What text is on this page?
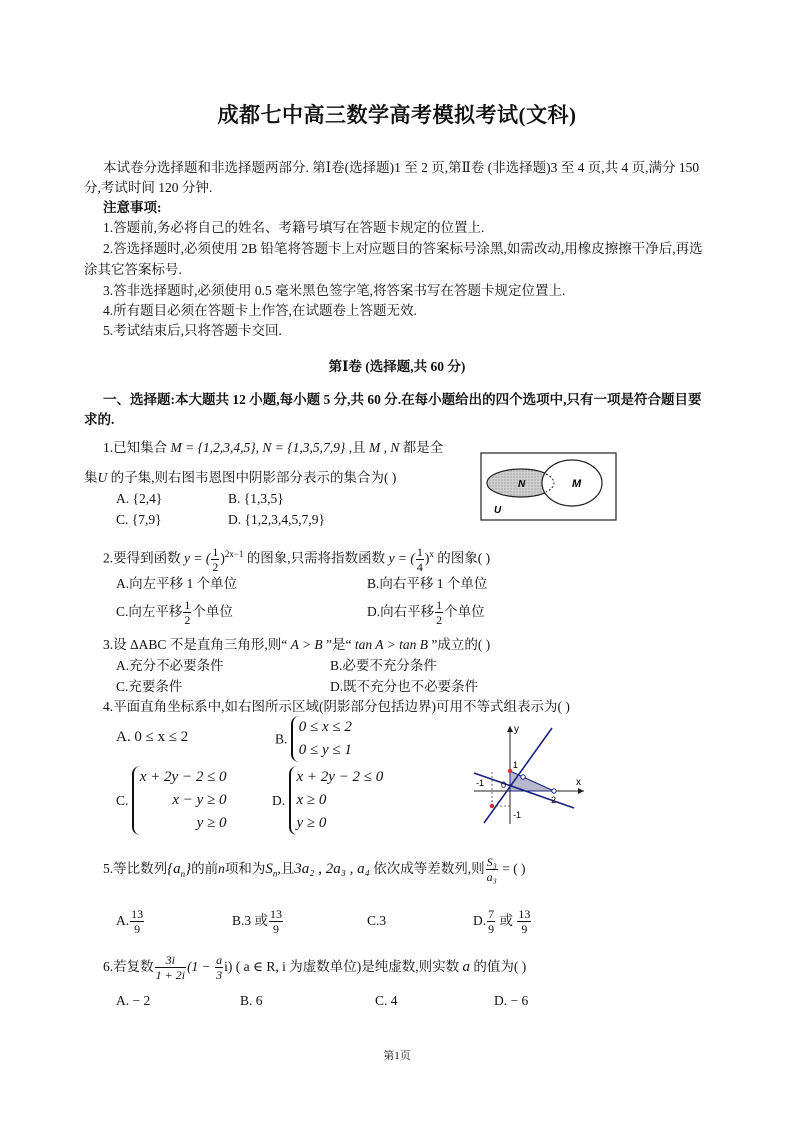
成都七中高三数学高考模拟考试(文科)
本试卷分选择题和非选择题两部分. 第Ⅰ卷(选择题)1 至 2 页,第Ⅱ卷 (非选择题)3 至 4 页,共 4 页,满分 150
分,考试时间 120 分钟.
注意事项:
1.答题前,务必将自己的姓名、考籍号填写在答题卡规定的位置上.
2.答选择题时,必须使用 2B 铅笔将答题卡上对应题目的答案标号涂黑,如需改动,用橡皮擦擦干净后,再选
涂其它答案标号.
3.答非选择题时,必须使用 0.5 毫米黑色签字笔,将答案书写在答题卡规定位置上.
4.所有题目必须在答题卡上作答,在试题卷上答题无效.
5.考试结束后,只将答题卡交回.
第Ⅰ卷 (选择题,共 60 分)
一、选择题:本大题共 12 小题,每小题 5 分,共 60 分.在每小题给出的四个选项中,只有一项是符合题目要
求的.
1.已知集合 M = {1,2,3,4,5}, N = {1,3,5,7,9} ,且 M , N 都是全
集U 的子集,则右图韦恩图中阴影部分表示的集合为( )
A. {2,4}	B. {1,3,5}
C. {7,9}	D. {1,2,3,4,5,7,9}
N	M
U
2.要得到函数 y = ( $\frac{1}{2} )^{2x-1}$ 的图象,只需将指数函数 y = ( $\frac{1}{4} )^x$ 的图象( )
A.向左平移 1 个单位	B.向右平移 1 个单位
C.向左平移 $\frac{1}{2}$ 个单位	D.向右平移 $\frac{1}{2}$ 个单位
3.设 ΔABC 不是直角三角形,则“ A > B ”是“ tan A > tan B ”成立的( )
A.充分不必要条件	B.必要不充分条件
C.充要条件	D.既不充分也不必要条件
4.平面直角坐标系中,如右图所示区域(阴影部分包括边界)可用不等式组表示为( )
A. 0 ≤ x ≤ 2	B.
0 ≤ x ≤ 2
0 ≤ y ≤ 1
C.
x + 2y − 2 ≤ 0
x − y ≥ 0
y ≥ 0
D.
x + 2y − 2 ≤ 0
x ≥ 0
y ≥ 0
y
x
1
2
-1
-1
0
5.等比数列$\{a_n\}$的前n项和为$S_n$,且3a₂ , 2a₃ , a₄ 依次成等差数列,则 $\frac{\text{S₃}}{\text{a₃}}$ = ( )
A. $\frac{13}{9}$	B.3 或 $\frac{13}{9}$	C.3	D. $\frac{7}{9}$ 或 $\frac{13}{9}$
6.若复数 $\frac{3i}{1 + 2i} (1 - \frac{a}{3} i)$ ( a ∈ R, i 为虚数单位)是纯虚数,则实数 a 的值为( )
A. − 2	B. 6	C. 4	D. − 6
第1页
